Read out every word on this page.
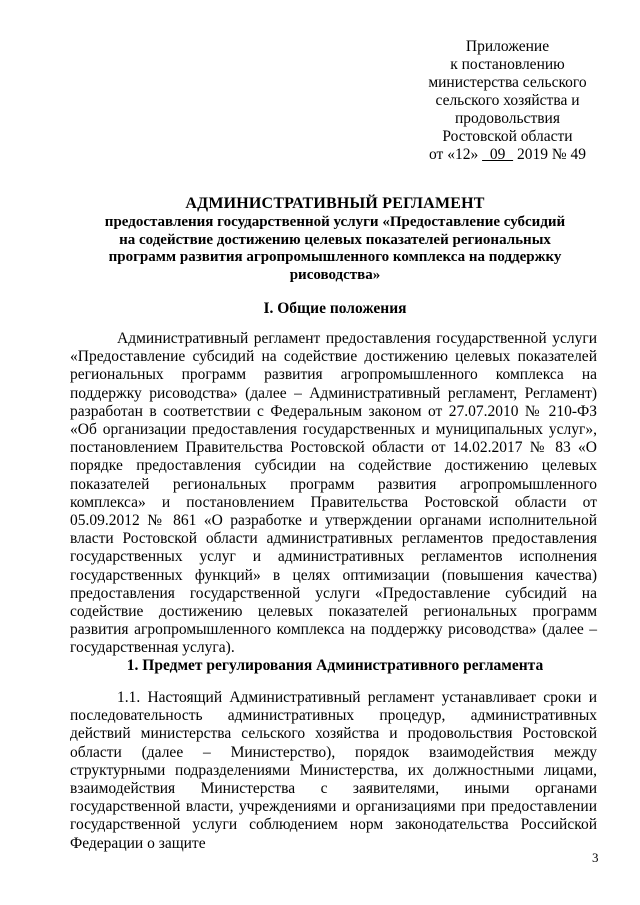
Приложение
к постановлению
министерства сельского
сельского хозяйства и
продовольствия
Ростовской области
от «12»   09   2019 № 49
АДМИНИСТРАТИВНЫЙ РЕГЛАМЕНТ
предоставления государственной услуги «Предоставление субсидий
на содействие достижению целевых показателей региональных
программ развития агропромышленного комплекса на поддержку
рисоводства»
I. Общие положения
Административный регламент предоставления государственной услуги «Предоставление субсидий на содействие достижению целевых показателей региональных программ развития агропромышленного комплекса на поддержку рисоводства» (далее – Административный регламент, Регламент) разработан в соответствии с Федеральным законом от 27.07.2010 № 210-ФЗ «Об организации предоставления государственных и муниципальных услуг», постановлением Правительства Ростовской области от 14.02.2017 № 83 «О порядке предоставления субсидии на содействие достижению целевых показателей региональных программ развития агропромышленного комплекса» и постановлением Правительства Ростовской области от 05.09.2012 № 861 «О разработке и утверждении органами исполнительной власти Ростовской области административных регламентов предоставления государственных услуг и административных регламентов исполнения государственных функций» в целях оптимизации (повышения качества) предоставления государственной услуги «Предоставление субсидий на содействие достижению целевых показателей региональных программ развития агропромышленного комплекса на поддержку рисоводства» (далее – государственная услуга).
1. Предмет регулирования Административного регламента
1.1. Настоящий Административный регламент устанавливает сроки и последовательность административных процедур, административных действий министерства сельского хозяйства и продовольствия Ростовской области (далее – Министерство), порядок взаимодействия между структурными подразделениями Министерства, их должностными лицами, взаимодействия Министерства с заявителями, иными органами государственной власти, учреждениями и организациями при предоставлении государственной услуги соблюдением норм законодательства Российской Федерации о защите
3
